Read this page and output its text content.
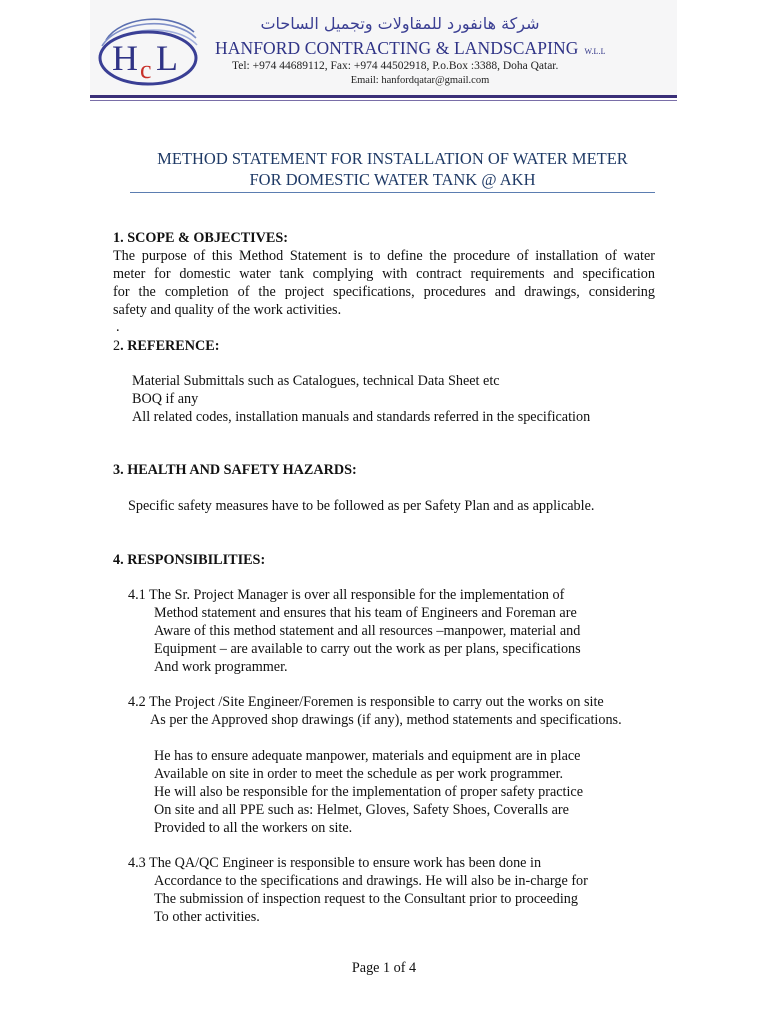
H c L
شركة هانفورد للمقاولات وتجميل الساحات
HANFORD CONTRACTING & LANDSCAPING W.L.L
Tel: +974 44689112, Fax: +974 44502918, P.o.Box :3388, Doha Qatar.
Email: hanfordqatar@gmail.com
METHOD STATEMENT FOR INSTALLATION OF WATER METER
FOR DOMESTIC WATER TANK @ AKH
1. SCOPE & OBJECTIVES:
The purpose of this Method Statement is to define the procedure of installation of water
meter for domestic water tank complying with contract requirements and specification
for the completion of the project specifications, procedures and drawings, considering
safety and quality of the work activities.
.
2. REFERENCE:
Material Submittals such as Catalogues, technical Data Sheet etc
BOQ if any
All related codes, installation manuals and standards referred in the specification
3. HEALTH AND SAFETY HAZARDS:
Specific safety measures have to be followed as per Safety Plan and as applicable.
4. RESPONSIBILITIES:
4.1 The Sr. Project Manager is over all responsible for the implementation of
Method statement and ensures that his team of Engineers and Foreman are
Aware of this method statement and all resources –manpower, material and
Equipment – are available to carry out the work as per plans, specifications
And work programmer.
4.2 The Project /Site Engineer/Foremen is responsible to carry out the works on site
As per the Approved shop drawings (if any), method statements and specifications.
He has to ensure adequate manpower, materials and equipment are in place
Available on site in order to meet the schedule as per work programmer.
He will also be responsible for the implementation of proper safety practice
On site and all PPE such as: Helmet, Gloves, Safety Shoes, Coveralls are
Provided to all the workers on site.
4.3 The QA/QC Engineer is responsible to ensure work has been done in
Accordance to the specifications and drawings. He will also be in-charge for
The submission of inspection request to the Consultant prior to proceeding
To other activities.
Page 1 of 4
